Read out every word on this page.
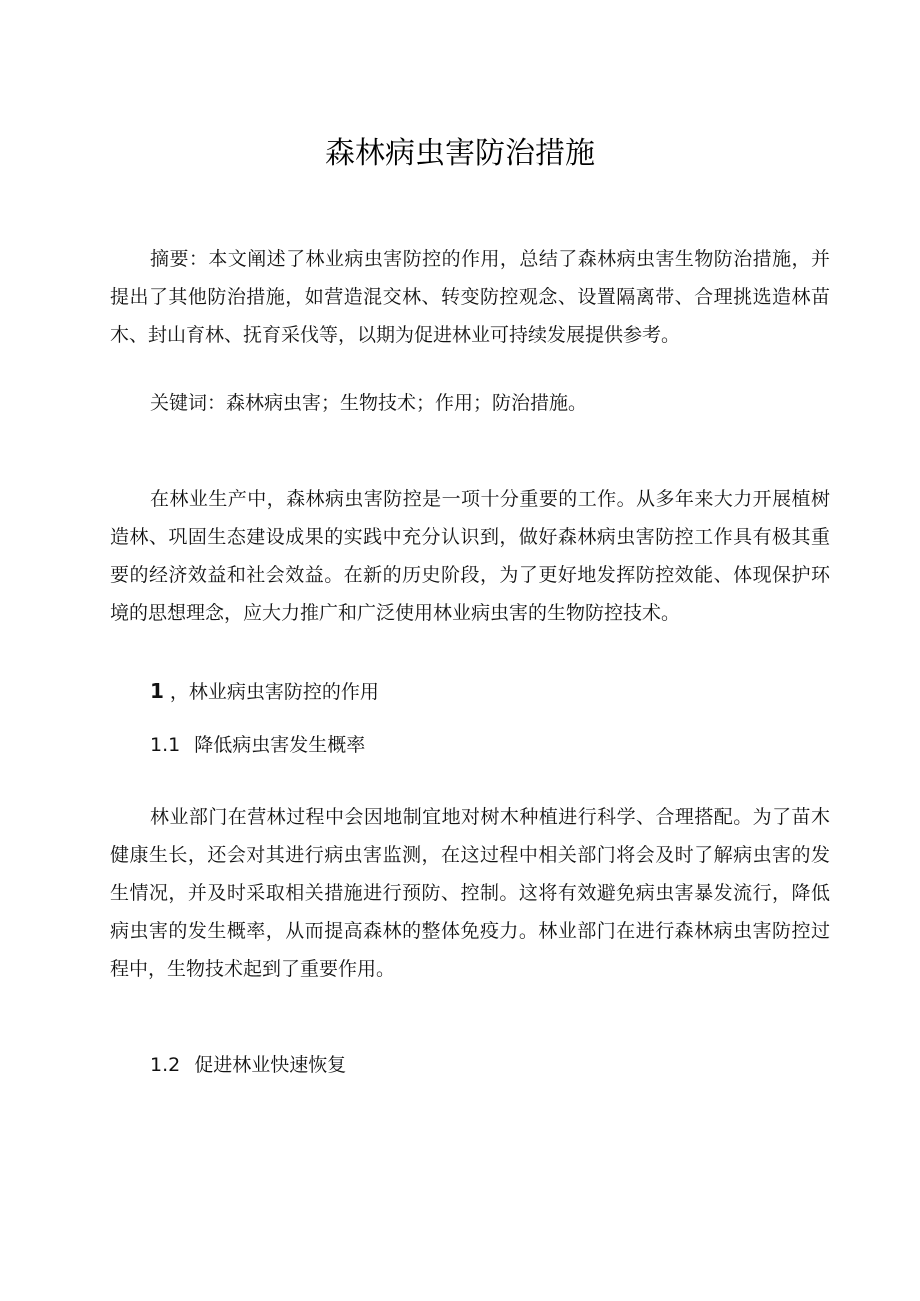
森林病虫害防治措施

摘要：本文阐述了林业病虫害防控的作用，总结了森林病虫害生物防治措施，并提出了其他防治措施，如营造混交林、转变防控观念、设置隔离带、合理挑选造林苗木、封山育林、抚育采伐等，以期为促进林业可持续发展提供参考。

关键词：森林病虫害；生物技术；作用；防治措施。

在林业生产中，森林病虫害防控是一项十分重要的工作。从多年来大力开展植树造林、巩固生态建设成果的实践中充分认识到，做好森林病虫害防控工作具有极其重要的经济效益和社会效益。在新的历史阶段，为了更好地发挥防控效能、体现保护环境的思想理念，应大力推广和广泛使用林业病虫害的生物防控技术。

1 ，林业病虫害防控的作用
1.1 降低病虫害发生概率

林业部门在营林过程中会因地制宜地对树木种植进行科学、合理搭配。为了苗木健康生长，还会对其进行病虫害监测，在这过程中相关部门将会及时了解病虫害的发生情况，并及时采取相关措施进行预防、控制。这将有效避免病虫害暴发流行，降低病虫害的发生概率，从而提高森林的整体免疫力。林业部门在进行森林病虫害防控过程中，生物技术起到了重要作用。

1.2 促进林业快速恢复
